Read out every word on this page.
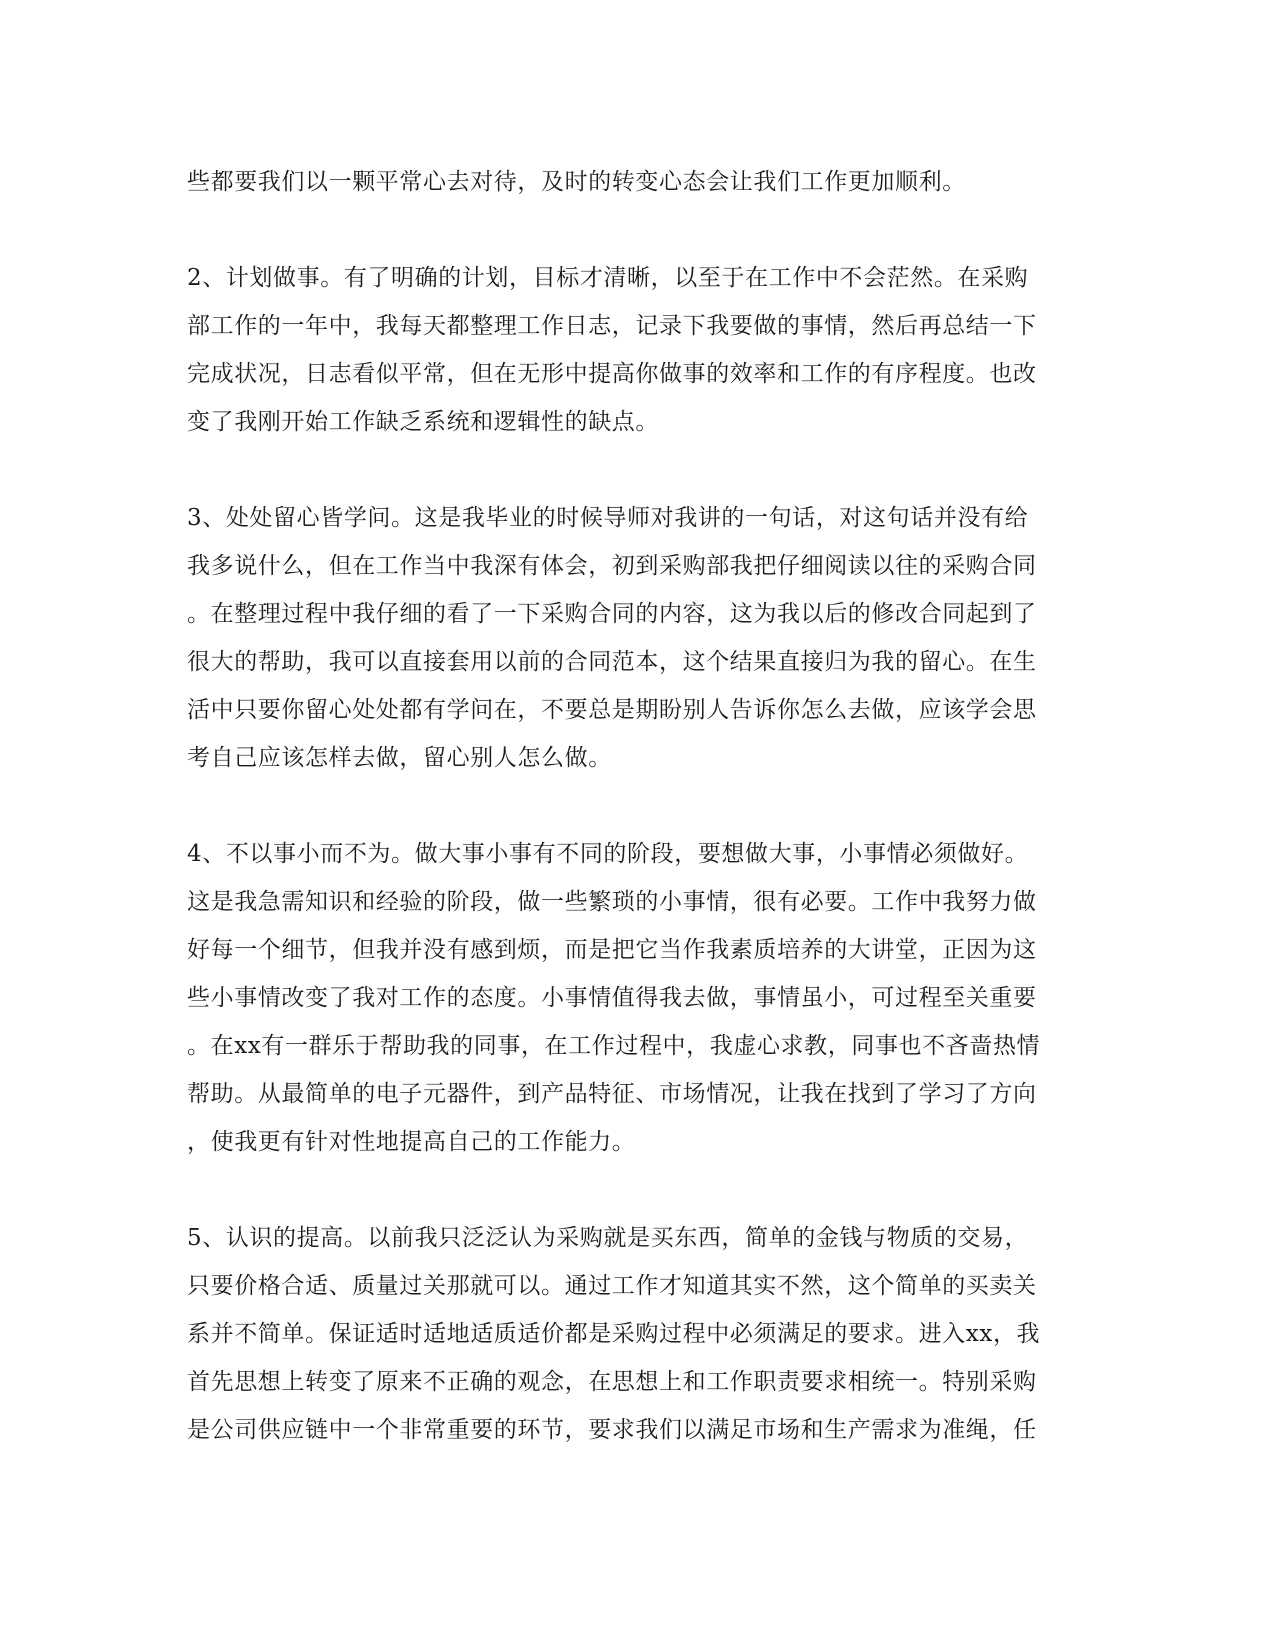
些都要我们以一颗平常心去对待，及时的转变心态会让我们工作更加顺利。
2、计划做事。有了明确的计划，目标才清晰，以至于在工作中不会茫然。在采购
部工作的一年中，我每天都整理工作日志，记录下我要做的事情，然后再总结一下
完成状况，日志看似平常，但在无形中提高你做事的效率和工作的有序程度。也改
变了我刚开始工作缺乏系统和逻辑性的缺点。
3、处处留心皆学问。这是我毕业的时候导师对我讲的一句话，对这句话并没有给
我多说什么，但在工作当中我深有体会，初到采购部我把仔细阅读以往的采购合同
。在整理过程中我仔细的看了一下采购合同的内容，这为我以后的修改合同起到了
很大的帮助，我可以直接套用以前的合同范本，这个结果直接归为我的留心。在生
活中只要你留心处处都有学问在，不要总是期盼别人告诉你怎么去做，应该学会思
考自己应该怎样去做，留心别人怎么做。
4、不以事小而不为。做大事小事有不同的阶段，要想做大事，小事情必须做好。
这是我急需知识和经验的阶段，做一些繁琐的小事情，很有必要。工作中我努力做
好每一个细节，但我并没有感到烦，而是把它当作我素质培养的大讲堂，正因为这
些小事情改变了我对工作的态度。小事情值得我去做，事情虽小，可过程至关重要
。在xx有一群乐于帮助我的同事，在工作过程中，我虚心求教，同事也不吝啬热情
帮助。从最简单的电子元器件，到产品特征、市场情况，让我在找到了学习了方向
，使我更有针对性地提高自己的工作能力。
5、认识的提高。以前我只泛泛认为采购就是买东西，简单的金钱与物质的交易，
只要价格合适、质量过关那就可以。通过工作才知道其实不然，这个简单的买卖关
系并不简单。保证适时适地适质适价都是采购过程中必须满足的要求。进入xx，我
首先思想上转变了原来不正确的观念，在思想上和工作职责要求相统一。特别采购
是公司供应链中一个非常重要的环节，要求我们以满足市场和生产需求为准绳，任
